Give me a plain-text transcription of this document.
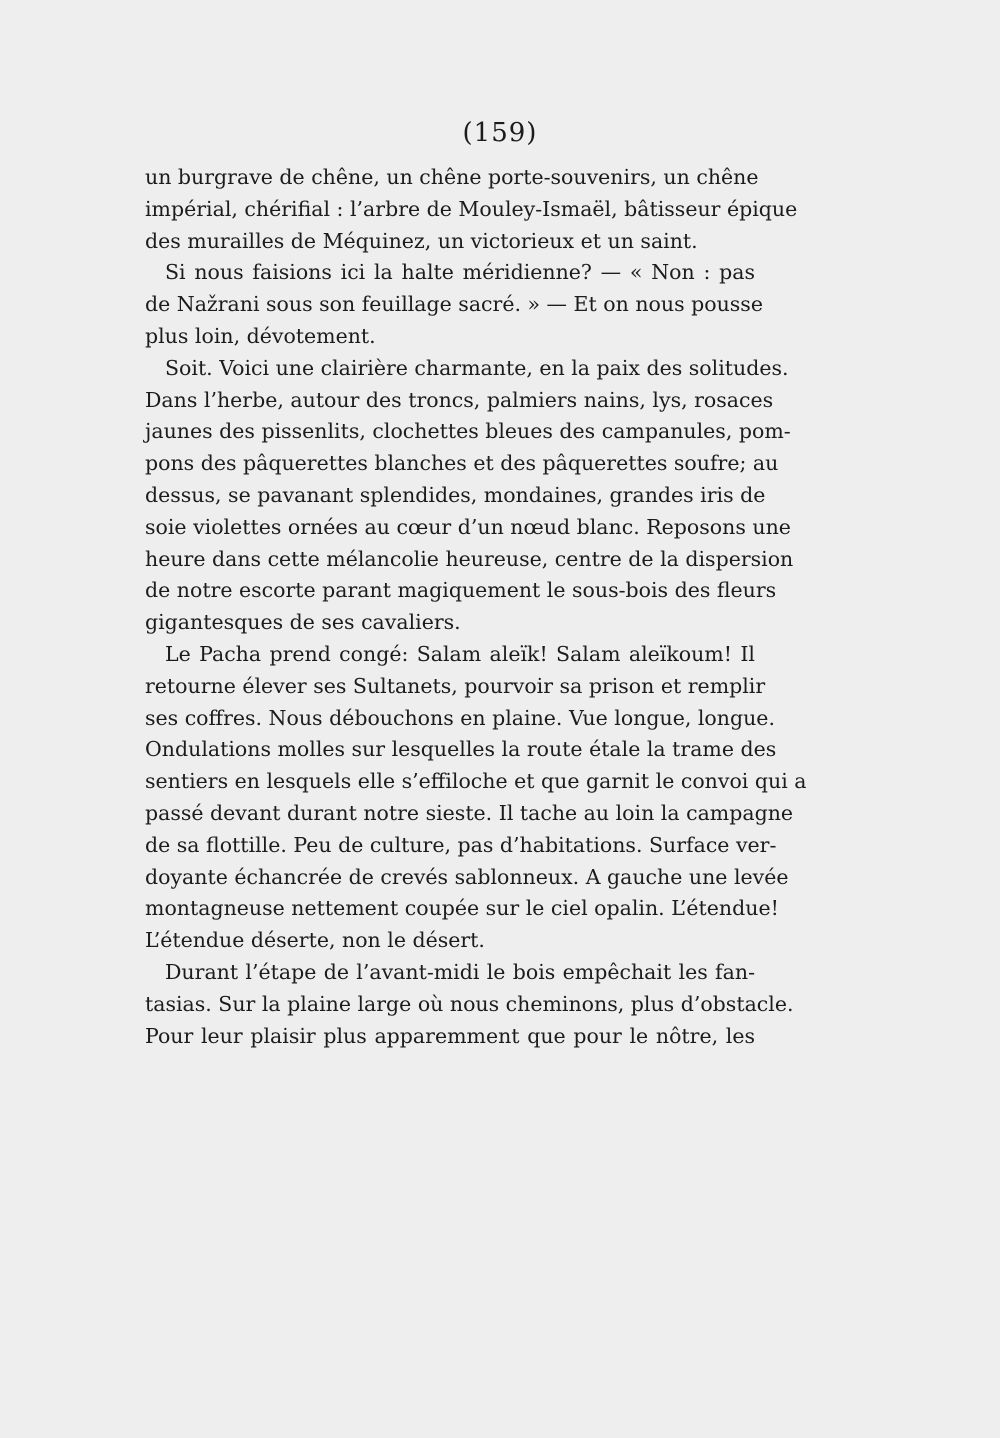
(159)
un burgrave de chêne, un chêne porte-souvenirs, un chêne
impérial, chérifial : l’arbre de Mouley-Ismaël, bâtisseur épique
des murailles de Méquinez, un victorieux et un saint.
Si nous faisions ici la halte méridienne? — « Non : pas
de Nažrani sous son feuillage sacré. » — Et on nous pousse
plus loin, dévotement.
Soit. Voici une clairière charmante, en la paix des solitudes.
Dans l’herbe, autour des troncs, palmiers nains, lys, rosaces
jaunes des pissenlits, clochettes bleues des campanules, pom-
pons des pâquerettes blanches et des pâquerettes soufre; au
dessus, se pavanant splendides, mondaines, grandes iris de
soie violettes ornées au cœur d’un nœud blanc. Reposons une
heure dans cette mélancolie heureuse, centre de la dispersion
de notre escorte parant magiquement le sous-bois des fleurs
gigantesques de ses cavaliers.
Le Pacha prend congé: Salam aleïk! Salam aleïkoum! Il
retourne élever ses Sultanets, pourvoir sa prison et remplir
ses coffres. Nous débouchons en plaine. Vue longue, longue.
Ondulations molles sur lesquelles la route étale la trame des
sentiers en lesquels elle s’effiloche et que garnit le convoi qui a
passé devant durant notre sieste. Il tache au loin la campagne
de sa flottille. Peu de culture, pas d’habitations. Surface ver-
doyante échancrée de crevés sablonneux. A gauche une levée
montagneuse nettement coupée sur le ciel opalin. L’étendue!
L’étendue déserte, non le désert.
Durant l’étape de l’avant-midi le bois empêchait les fan-
tasias. Sur la plaine large où nous cheminons, plus d’obstacle.
Pour leur plaisir plus apparemment que pour le nôtre, les
